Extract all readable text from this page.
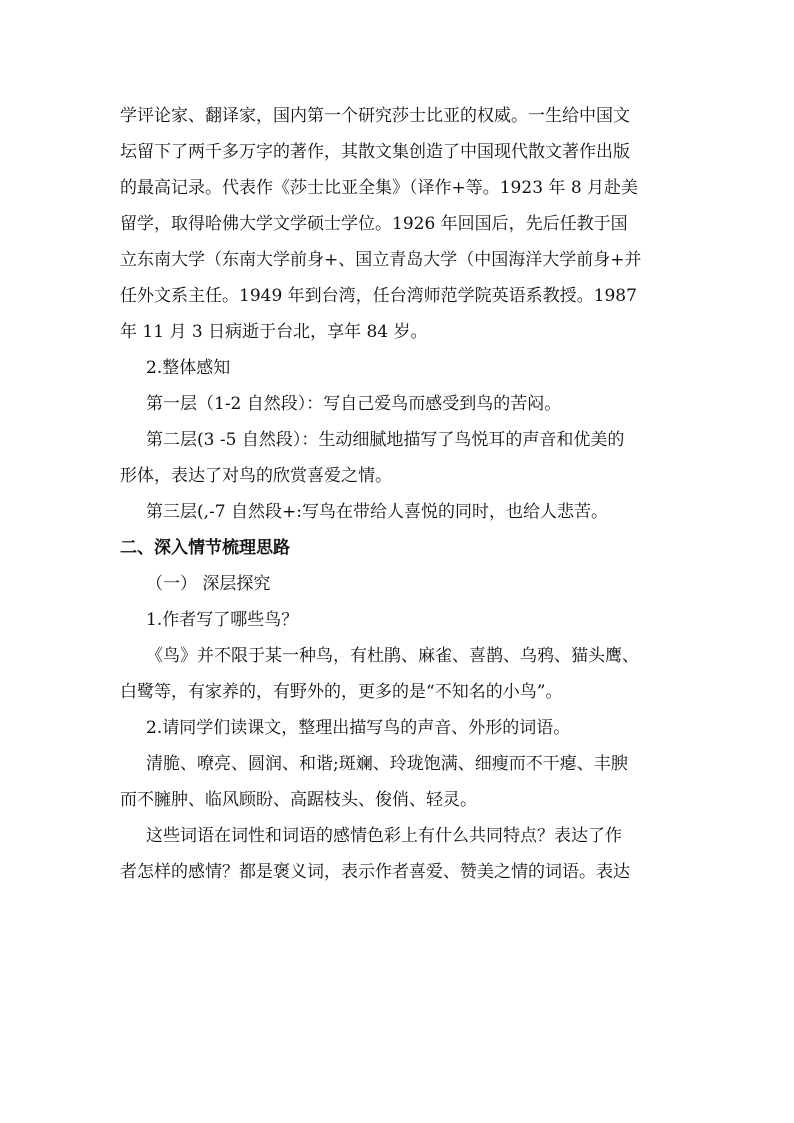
学评论家、翻译家，国内第一个研究莎士比亚的权威。一生给中国文

坛留下了两千多万字的著作，其散文集创造了中国现代散文著作出版

的最高记录。代表作《莎士比亚全集》（译作+等。1923 年 8 月赴美

留学，取得哈佛大学文学硕士学位。1926 年回国后，先后任教于国

立东南大学（东南大学前身+、国立青岛大学（中国海洋大学前身+并

任外文系主任。1949 年到台湾，任台湾师范学院英语系教授。1987

年 11 月 3 日病逝于台北，享年 84 岁。

2.整体感知

第一层（1-2 自然段）：写自己爱鸟而感受到鸟的苦闷。

第二层(3 -5 自然段）：生动细腻地描写了鸟悦耳的声音和优美的

形体，表达了对鸟的欣赏喜爱之情。

第三层(,-7 自然段+:写鸟在带给人喜悦的同时，也给人悲苦。

二、深入情节梳理思路

（一） 深层探究

1.作者写了哪些鸟？

《鸟》并不限于某一种鸟，有杜鹃、麻雀、喜鹊、乌鸦、猫头鹰、

白鹭等，有家养的，有野外的，更多的是“不知名的小鸟”。

2.请同学们读课文，整理出描写鸟的声音、外形的词语。

清脆、嘹亮、圆润、和谐;斑斓、玲珑饱满、细瘦而不干瘪、丰腴

而不臃肿、临风顾盼、高踞枝头、俊俏、轻灵。

这些词语在词性和词语的感情色彩上有什么共同特点？表达了作

者怎样的感情？都是褒义词，表示作者喜爱、赞美之情的词语。表达
